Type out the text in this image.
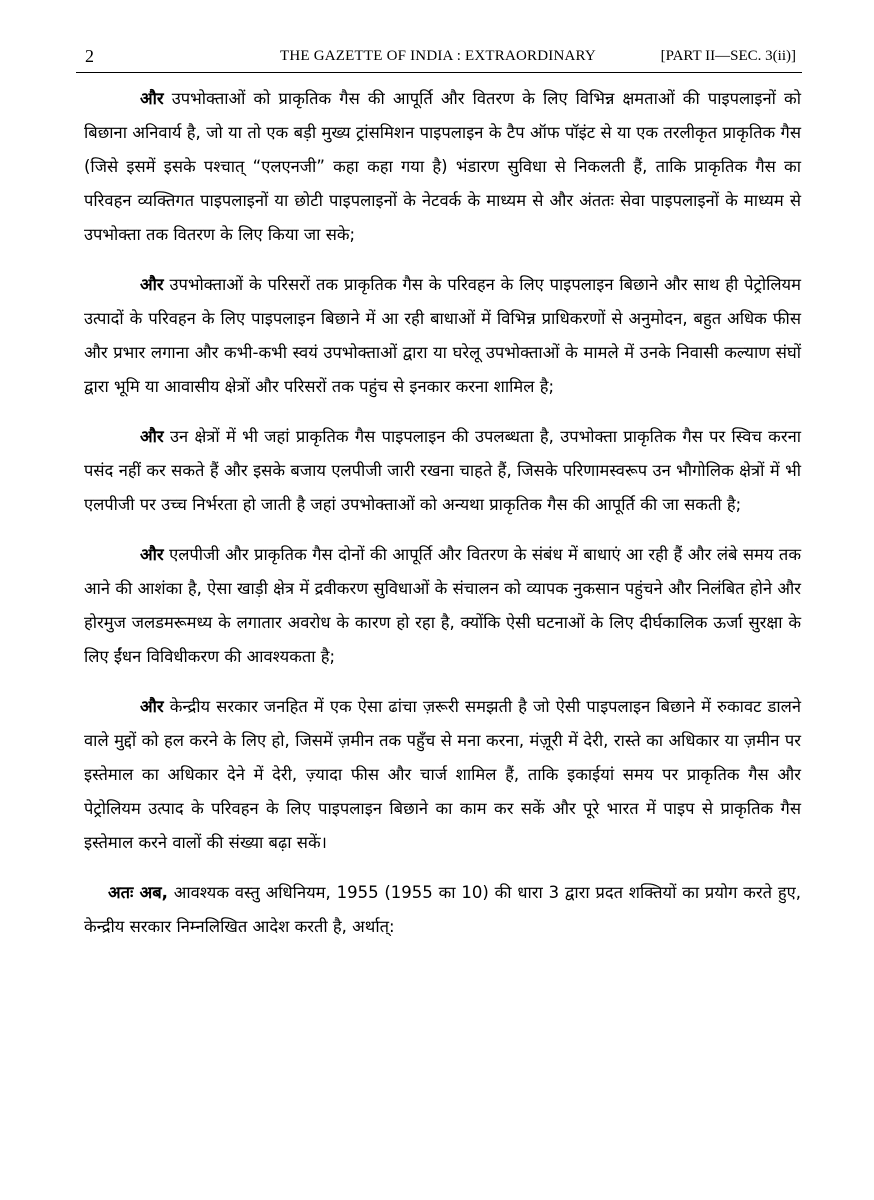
2	THE GAZETTE OF INDIA : EXTRAORDINARY	[PART II—SEC. 3(ii)]

और उपभोक्ताओं को प्राकृतिक गैस की आपूर्ति और वितरण के लिए विभिन्न क्षमताओं की पाइपलाइनों को बिछाना अनिवार्य है, जो या तो एक बड़ी मुख्य ट्रांसमिशन पाइपलाइन के टैप ऑफ पॉइंट से या एक तरलीकृत प्राकृतिक गैस (जिसे इसमें इसके पश्चात् “एलएनजी” कहा कहा गया है) भंडारण सुविधा से निकलती हैं, ताकि प्राकृतिक गैस का परिवहन व्यक्तिगत पाइपलाइनों या छोटी पाइपलाइनों के नेटवर्क के माध्यम से और अंततः सेवा पाइपलाइनों के माध्यम से उपभोक्ता तक वितरण के लिए किया जा सके;

और उपभोक्ताओं के परिसरों तक प्राकृतिक गैस के परिवहन के लिए पाइपलाइन बिछाने और साथ ही पेट्रोलियम उत्पादों के परिवहन के लिए पाइपलाइन बिछाने में आ रही बाधाओं में विभिन्न प्राधिकरणों से अनुमोदन, बहुत अधिक फीस और प्रभार लगाना और कभी-कभी स्वयं उपभोक्ताओं द्वारा या घरेलू उपभोक्ताओं के मामले में उनके निवासी कल्याण संघों द्वारा भूमि या आवासीय क्षेत्रों और परिसरों तक पहुंच से इनकार करना शामिल है;

और उन क्षेत्रों में भी जहां प्राकृतिक गैस पाइपलाइन की उपलब्धता है, उपभोक्ता प्राकृतिक गैस पर स्विच करना पसंद नहीं कर सकते हैं और इसके बजाय एलपीजी जारी रखना चाहते हैं, जिसके परिणामस्वरूप उन भौगोलिक क्षेत्रों में भी एलपीजी पर उच्च निर्भरता हो जाती है जहां उपभोक्ताओं को अन्यथा प्राकृतिक गैस की आपूर्ति की जा सकती है;

और एलपीजी और प्राकृतिक गैस दोनों की आपूर्ति और वितरण के संबंध में बाधाएं आ रही हैं और लंबे समय तक आने की आशंका है, ऐसा खाड़ी क्षेत्र में द्रवीकरण सुविधाओं के संचालन को व्यापक नुकसान पहुंचने और निलंबित होने और होरमुज जलडमरूमध्य के लगातार अवरोध के कारण हो रहा है, क्योंकि ऐसी घटनाओं के लिए दीर्घकालिक ऊर्जा सुरक्षा के लिए ईंधन विविधीकरण की आवश्यकता है;

और केन्द्रीय सरकार जनहित में एक ऐसा ढांचा ज़रूरी समझती है जो ऐसी पाइपलाइन बिछाने में रुकावट डालने वाले मुद्दों को हल करने के लिए हो, जिसमें ज़मीन तक पहुँच से मना करना, मंज़ूरी में देरी, रास्ते का अधिकार या ज़मीन पर इस्तेमाल का अधिकार देने में देरी, ज़्यादा फीस और चार्ज शामिल हैं, ताकि इकाईयां समय पर प्राकृतिक गैस और पेट्रोलियम उत्पाद के परिवहन के लिए पाइपलाइन बिछाने का काम कर सकें और पूरे भारत में पाइप से प्राकृतिक गैस इस्तेमाल करने वालों की संख्या बढ़ा सकें।

अतः अब, आवश्यक वस्तु अधिनियम, 1955 (1955 का 10) की धारा 3 द्वारा प्रदत शक्तियों का प्रयोग करते हुए, केन्द्रीय सरकार निम्नलिखित आदेश करती है, अर्थात्:
